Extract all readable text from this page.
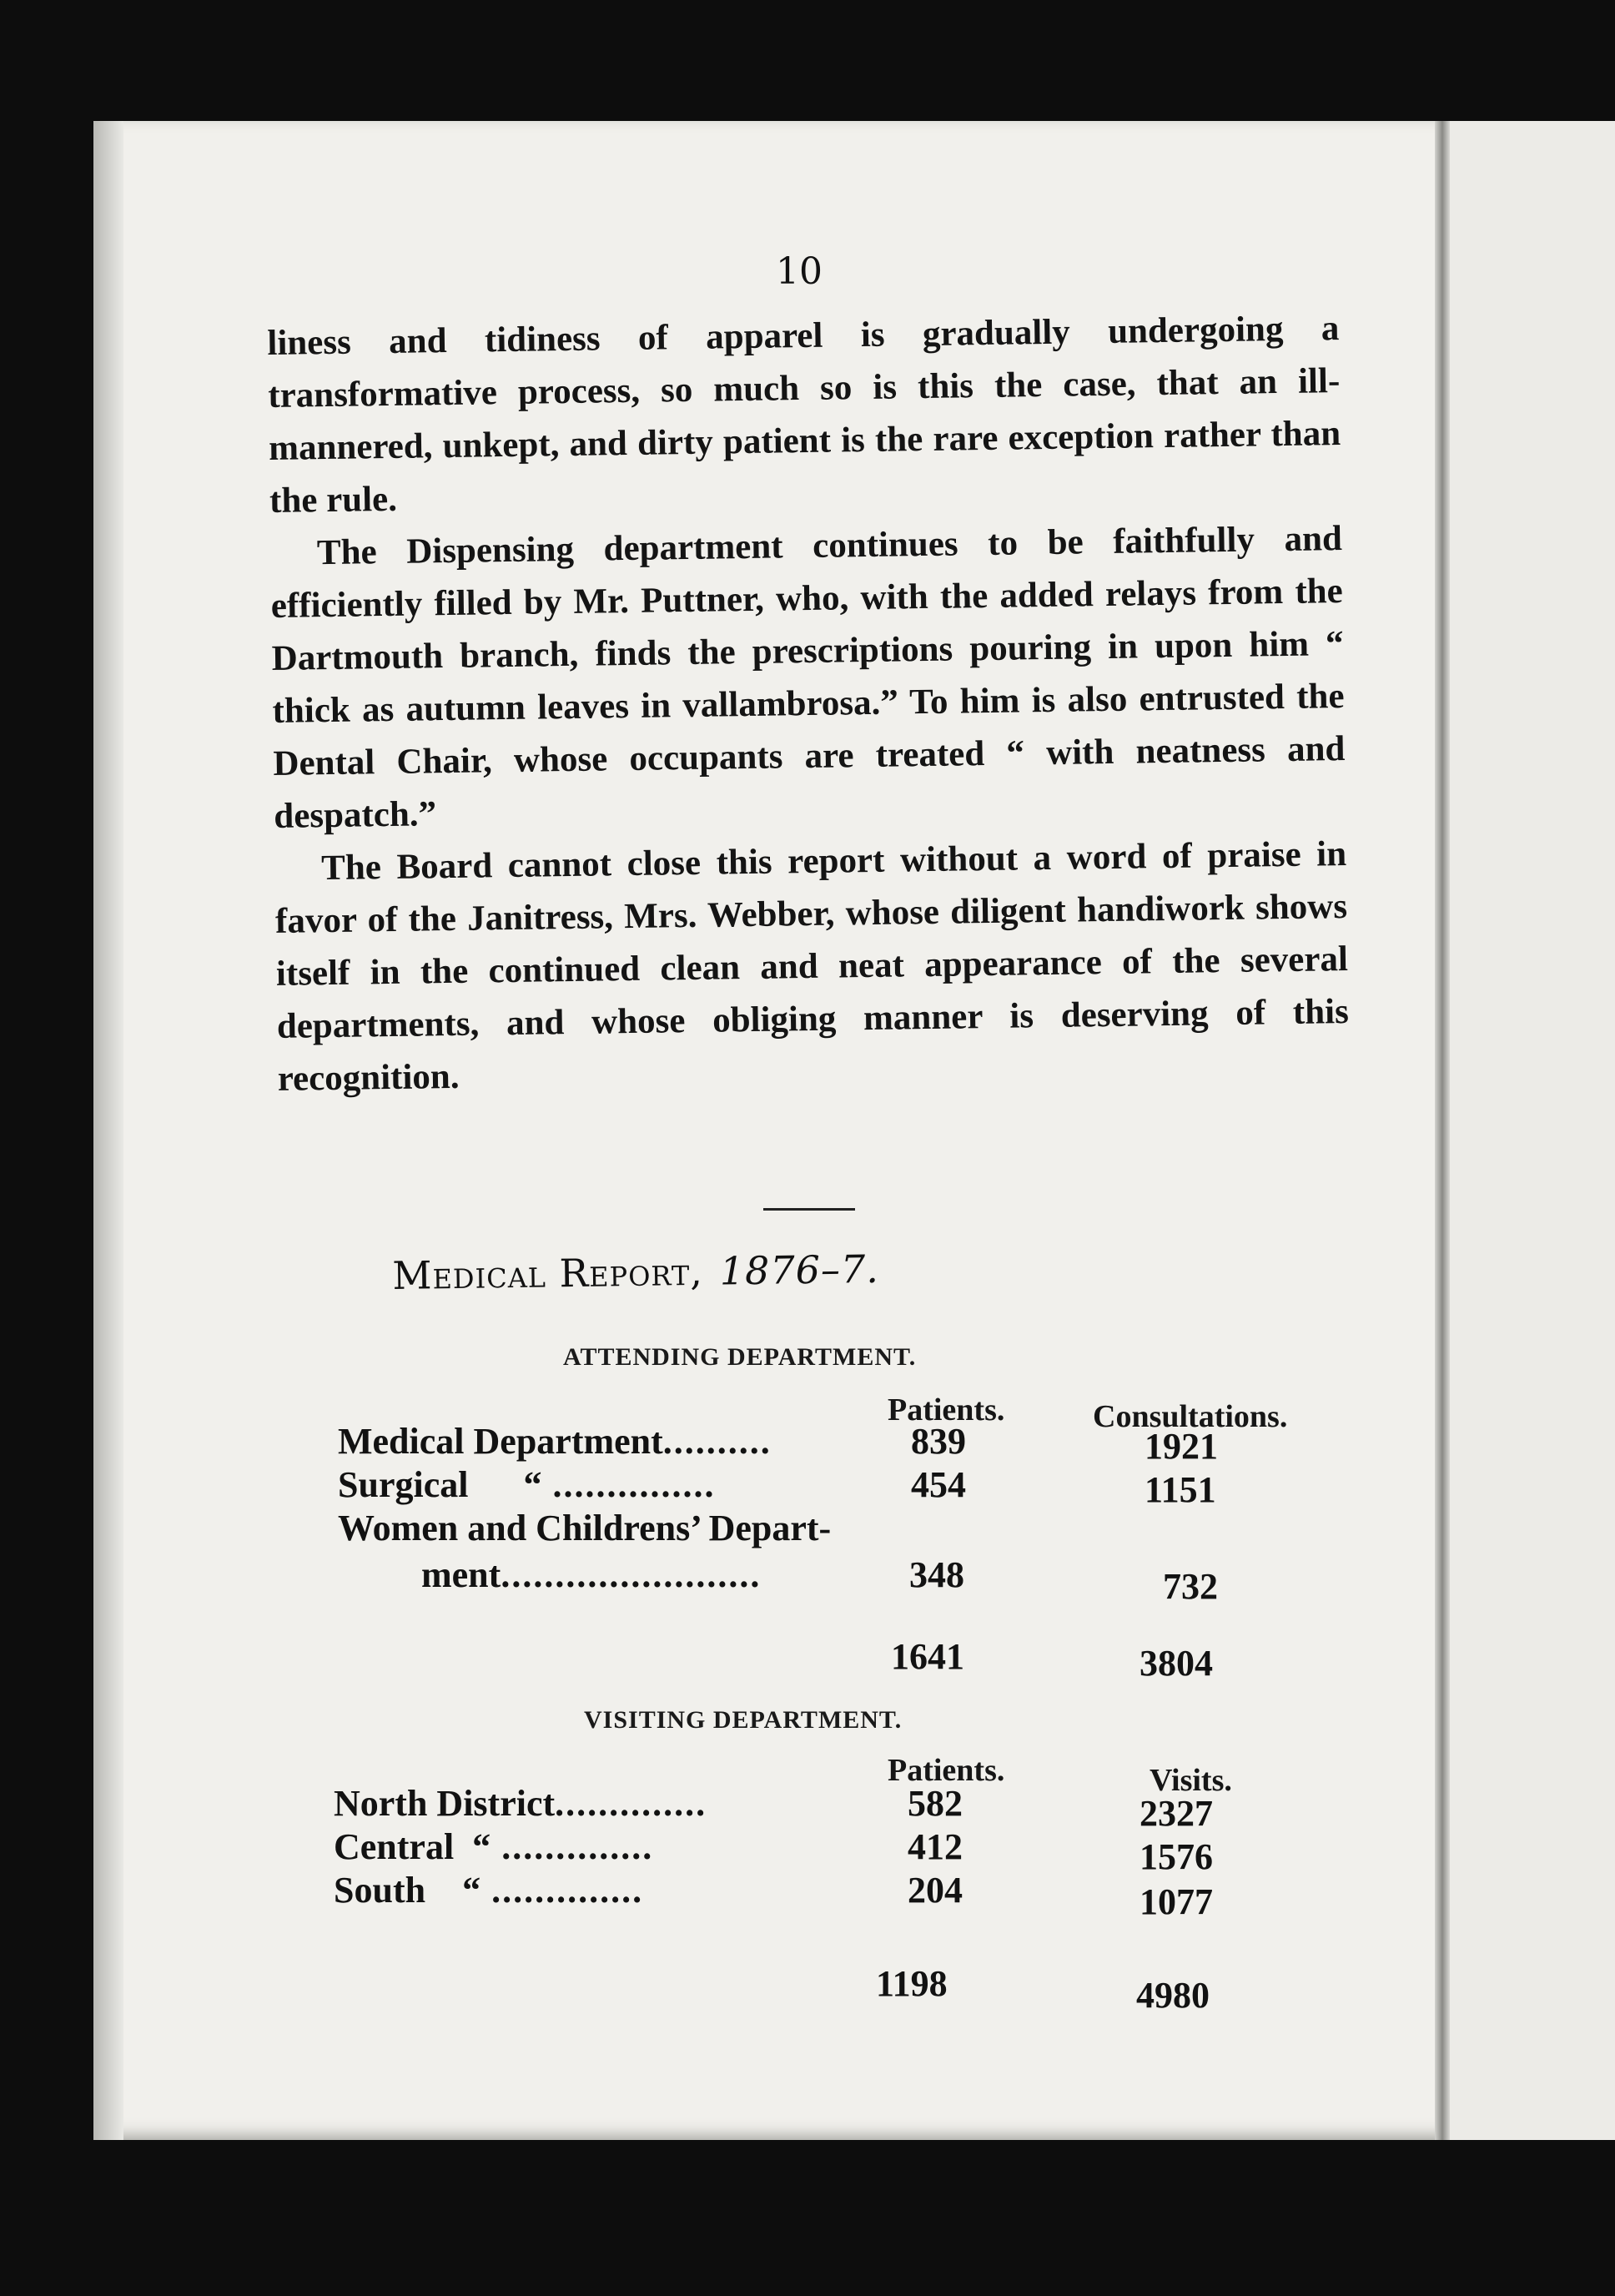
10

liness and tidiness of apparel is gradually undergoing a transformative process, so much so is this the case, that an ill-mannered, unkept, and dirty patient is the rare exception rather than the rule.

The Dispensing department continues to be faithfully and efficiently filled by Mr. Puttner, who, with the added relays from the Dartmouth branch, finds the prescriptions pouring in upon him “ thick as autumn leaves in vallambrosa.” To him is also entrusted the Dental Chair, whose occupants are treated “ with neatness and despatch.”

The Board cannot close this report without a word of praise in favor of the Janitress, Mrs. Webber, whose diligent handiwork shows itself in the continued clean and neat appearance of the several departments, and whose obliging manner is deserving of this recognition.

Medical Report, 1876–7.
ATTENDING DEPARTMENT.
Patients.	Consultations.
Medical Department..........	839	1921
Surgical      “ ...............	454	1151
Women and Childrens’ Depart-
ment........................	348	732
1641	3804
VISITING DEPARTMENT.
Patients.	Visits.
North District..............	582	2327
Central  “ ..............	412	1576
South    “ ..............	204	1077
1198	4980
